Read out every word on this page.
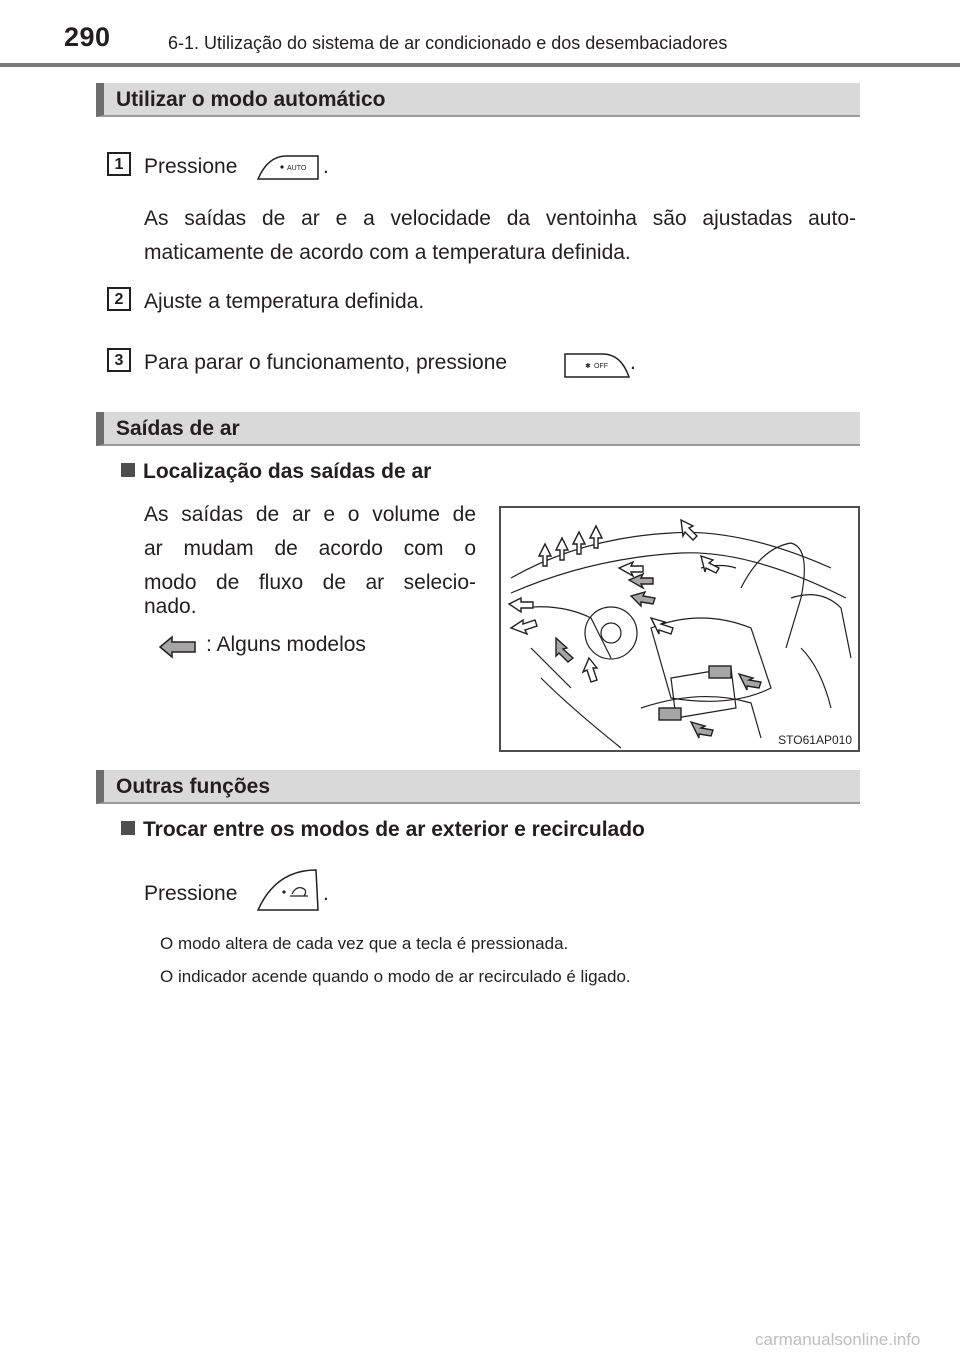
290	6-1. Utilização do sistema de ar condicionado e dos desembaciadores
Utilizar o modo automático
1 Pressione	AUTO .
As saídas de ar e a velocidade da ventoinha são ajustadas auto-
maticamente de acordo com a temperatura definida.
2 Ajuste a temperatura definida.
3 Para parar o funcionamento, pressione	✱ OFF .
Saídas de ar
Localização das saídas de ar
As saídas de ar e o volume de
ar mudam de acordo com o
modo de fluxo de ar selecio-
nado.
: Alguns modelos
STO61AP010
Outras funções
Trocar entre os modos de ar exterior e recirculado
Pressione	.
O modo altera de cada vez que a tecla é pressionada.
O indicador acende quando o modo de ar recirculado é ligado.
carmanualsonline.info
